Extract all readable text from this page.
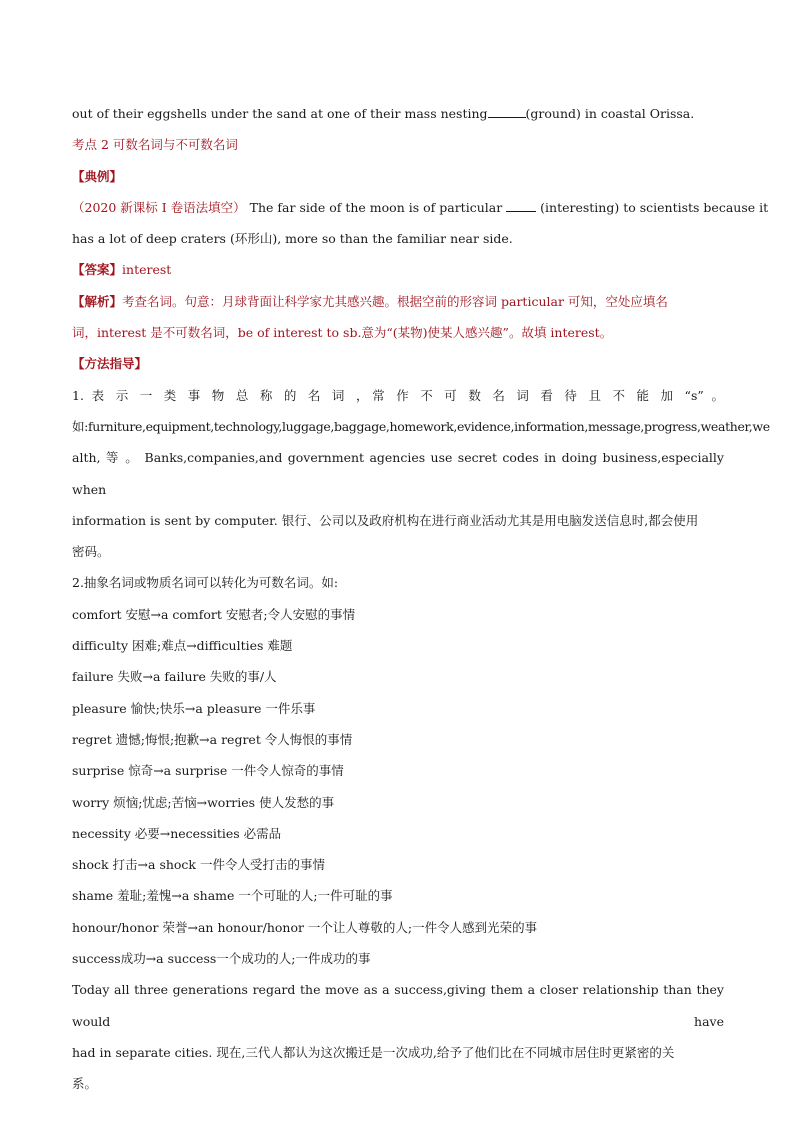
out of their eggshells under the sand at one of their mass nesting	(ground) in coastal Orissa.
考点 2 可数名词与不可数名词
【典例】
（2020 新课标 I 卷语法填空） The far side of the moon is of particular	(interesting) to scientists because it
has a lot of deep craters (环形山), more so than the familiar near side.
【答案】interest
【解析】考查名词。句意：月球背面让科学家尤其感兴趣。根据空前的形容词 particular 可知，空处应填名
词，interest 是不可数名词，be of interest to sb.意为“(某物)使某人感兴趣”。故填 interest。
【方法指导】
1. 表 示 一 类 事 物 总 称 的 名 词 ，常 作 不 可 数 名 词 看 待 且 不 能 加 “s” 。
如:furniture,equipment,technology,luggage,baggage,homework,evidence,information,message,progress,weather,we
alth, 等 。 Banks,companies,and government agencies use secret codes in doing business,especially when
information is sent by computer. 银行、公司以及政府机构在进行商业活动尤其是用电脑发送信息时,都会使用
密码。
2.抽象名词或物质名词可以转化为可数名词。如:
comfort 安慰→a comfort 安慰者;令人安慰的事情
difficulty 困难;难点→difficulties 难题
failure 失败→a failure 失败的事/人
pleasure 愉快;快乐→a pleasure 一件乐事
regret 遗憾;悔恨;抱歉→a regret 令人悔恨的事情
surprise 惊奇→a surprise 一件令人惊奇的事情
worry 烦恼;忧虑;苦恼→worries 使人发愁的事
necessity 必要→necessities 必需品
shock 打击→a shock 一件令人受打击的事情
shame 羞耻;羞愧→a shame 一个可耻的人;一件可耻的事
honour/honor 荣誉→an honour/honor 一个让人尊敬的人;一件令人感到光荣的事
success成功→a success一个成功的人;一件成功的事
Today all three generations regard the move as a success,giving them a closer relationship than they would have
had in separate cities. 现在,三代人都认为这次搬迁是一次成功,给予了他们比在不同城市居住时更紧密的关
系。
